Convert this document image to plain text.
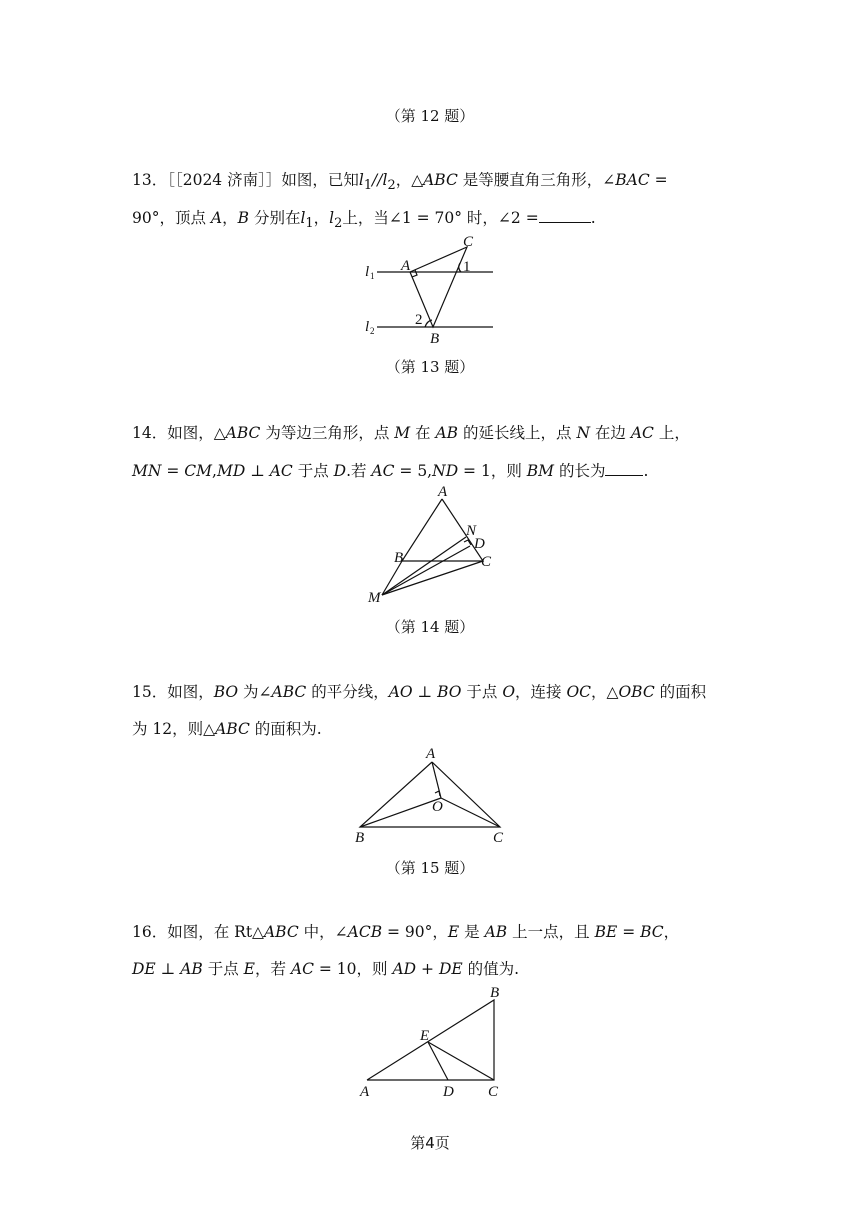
（第 12 题）
13．［［2024 济南］］如图，已知$l_1//l_2$，△ABC 是等腰直角三角形，∠BAC =
90°，顶点 A，B 分别在$l_1$，$l_2$上，当∠1 = 70° 时，∠2 =	.
C
A	1
2
B
l 1
l 2
（第 13 题）
14．如图，△ABC 为等边三角形，点 M 在 AB 的延长线上，点 N 在边 AC 上，
MN = CM,MD ⊥ AC 于点 D.若 AC = 5,ND = 1，则 BM 的长为 .
A
N
D
B	C
M
（第 14 题）
15．如图，BO 为∠ABC 的平分线，AO ⊥ BO 于点 O，连接 OC，△OBC 的面积
为 12，则△ABC 的面积为.
A
O
B	C
（第 15 题）
16．如图，在 Rt△ABC 中，∠ACB = 90°，E 是 AB 上一点，且 BE = BC，
DE ⊥ AB 于点 E，若 AC = 10，则 AD + DE 的值为.
B
E
A	D C
第4页
